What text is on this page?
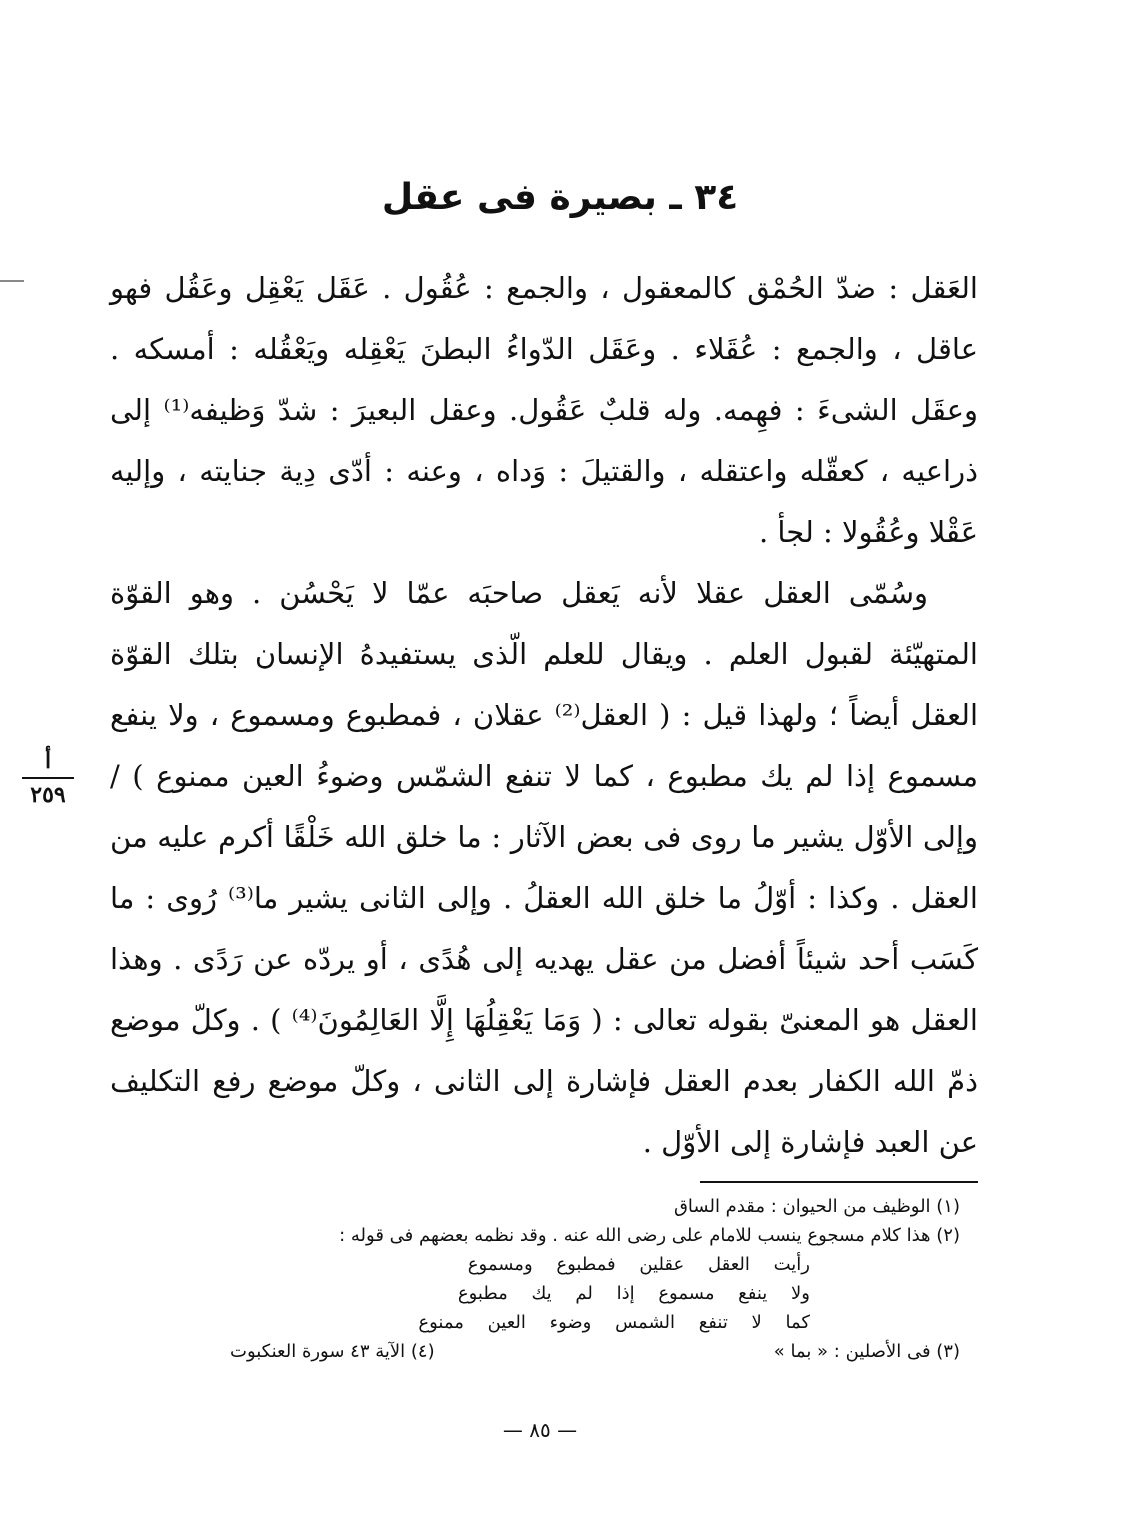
٣٤ ـ بصيرة فى عقل

العَقل : ضدّ الحُمْق كالمعقول ، والجمع : عُقُول . عَقَل يَعْقِل وعَقُل فهو عاقل ، والجمع : عُقَلاء . وعَقَل الدّواءُ البطنَ يَعْقِله ويَعْقُله : أمسكه . وعقَل الشىءَ : فهِمه. وله قلبٌ عَقُول. وعقل البعيرَ : شدّ وَظيفه⁽¹⁾ إلى ذراعيه ، كعقّله واعتقله ، والقتيلَ : وَداه ، وعنه : أدّى دِية جنايته ، وإليه عَقْلا وعُقُولا : لجأ .

وسُمّى العقل عقلا لأنه يَعقل صاحبَه عمّا لا يَحْسُن . وهو القوّة المتهيّئة لقبول العلم . ويقال للعلم الّذى يستفيدهُ الإنسان بتلك القوّة العقل أيضاً ؛ ولهذا قيل : ( العقل⁽²⁾ عقلان ، فمطبوع ومسموع ، ولا ينفع مسموع إذا لم يك مطبوع ، كما لا تنفع الشمّس وضوءُ العين ممنوع ) / وإلى الأوّل يشير ما روى فى بعض الآثار : ما خلق الله خَلْقًا أكرم عليه من العقل . وكذا : أوّلُ ما خلق الله العقلُ . وإلى الثانى يشير ما⁽³⁾ رُوى : ما كَسَب أحد شيئاً أفضل من عقل يهديه إلى هُدًى ، أو يردّه عن رَدًى . وهذا العقل هو المعنىّ بقوله تعالى : ( وَمَا يَعْقِلُهَا إِلَّا العَالِمُونَ⁽⁴⁾ ) . وكلّ موضع ذمّ الله الكفار بعدم العقل فإشارة إلى الثانى ، وكلّ موضع رفع التكليف عن العبد فإشارة إلى الأوّل .

أ
٢٥٩

(١) الوظيف من الحيوان : مقدم الساق

(٢) هذا كلام مسجوع ينسب للامام على رضى الله عنه . وقد نظمه بعضهم فى قوله :

رأيت العقل عقلين فمطبوع ومسموع

ولا ينفع مسموع إذا لم يك مطبوع

كما لا تنفع الشمس وضوء العين ممنوع

(٣) فى الأصلين : « بما »
(٤) الآية ٤٣ سورة العنكبوت
— ٨٥ —
